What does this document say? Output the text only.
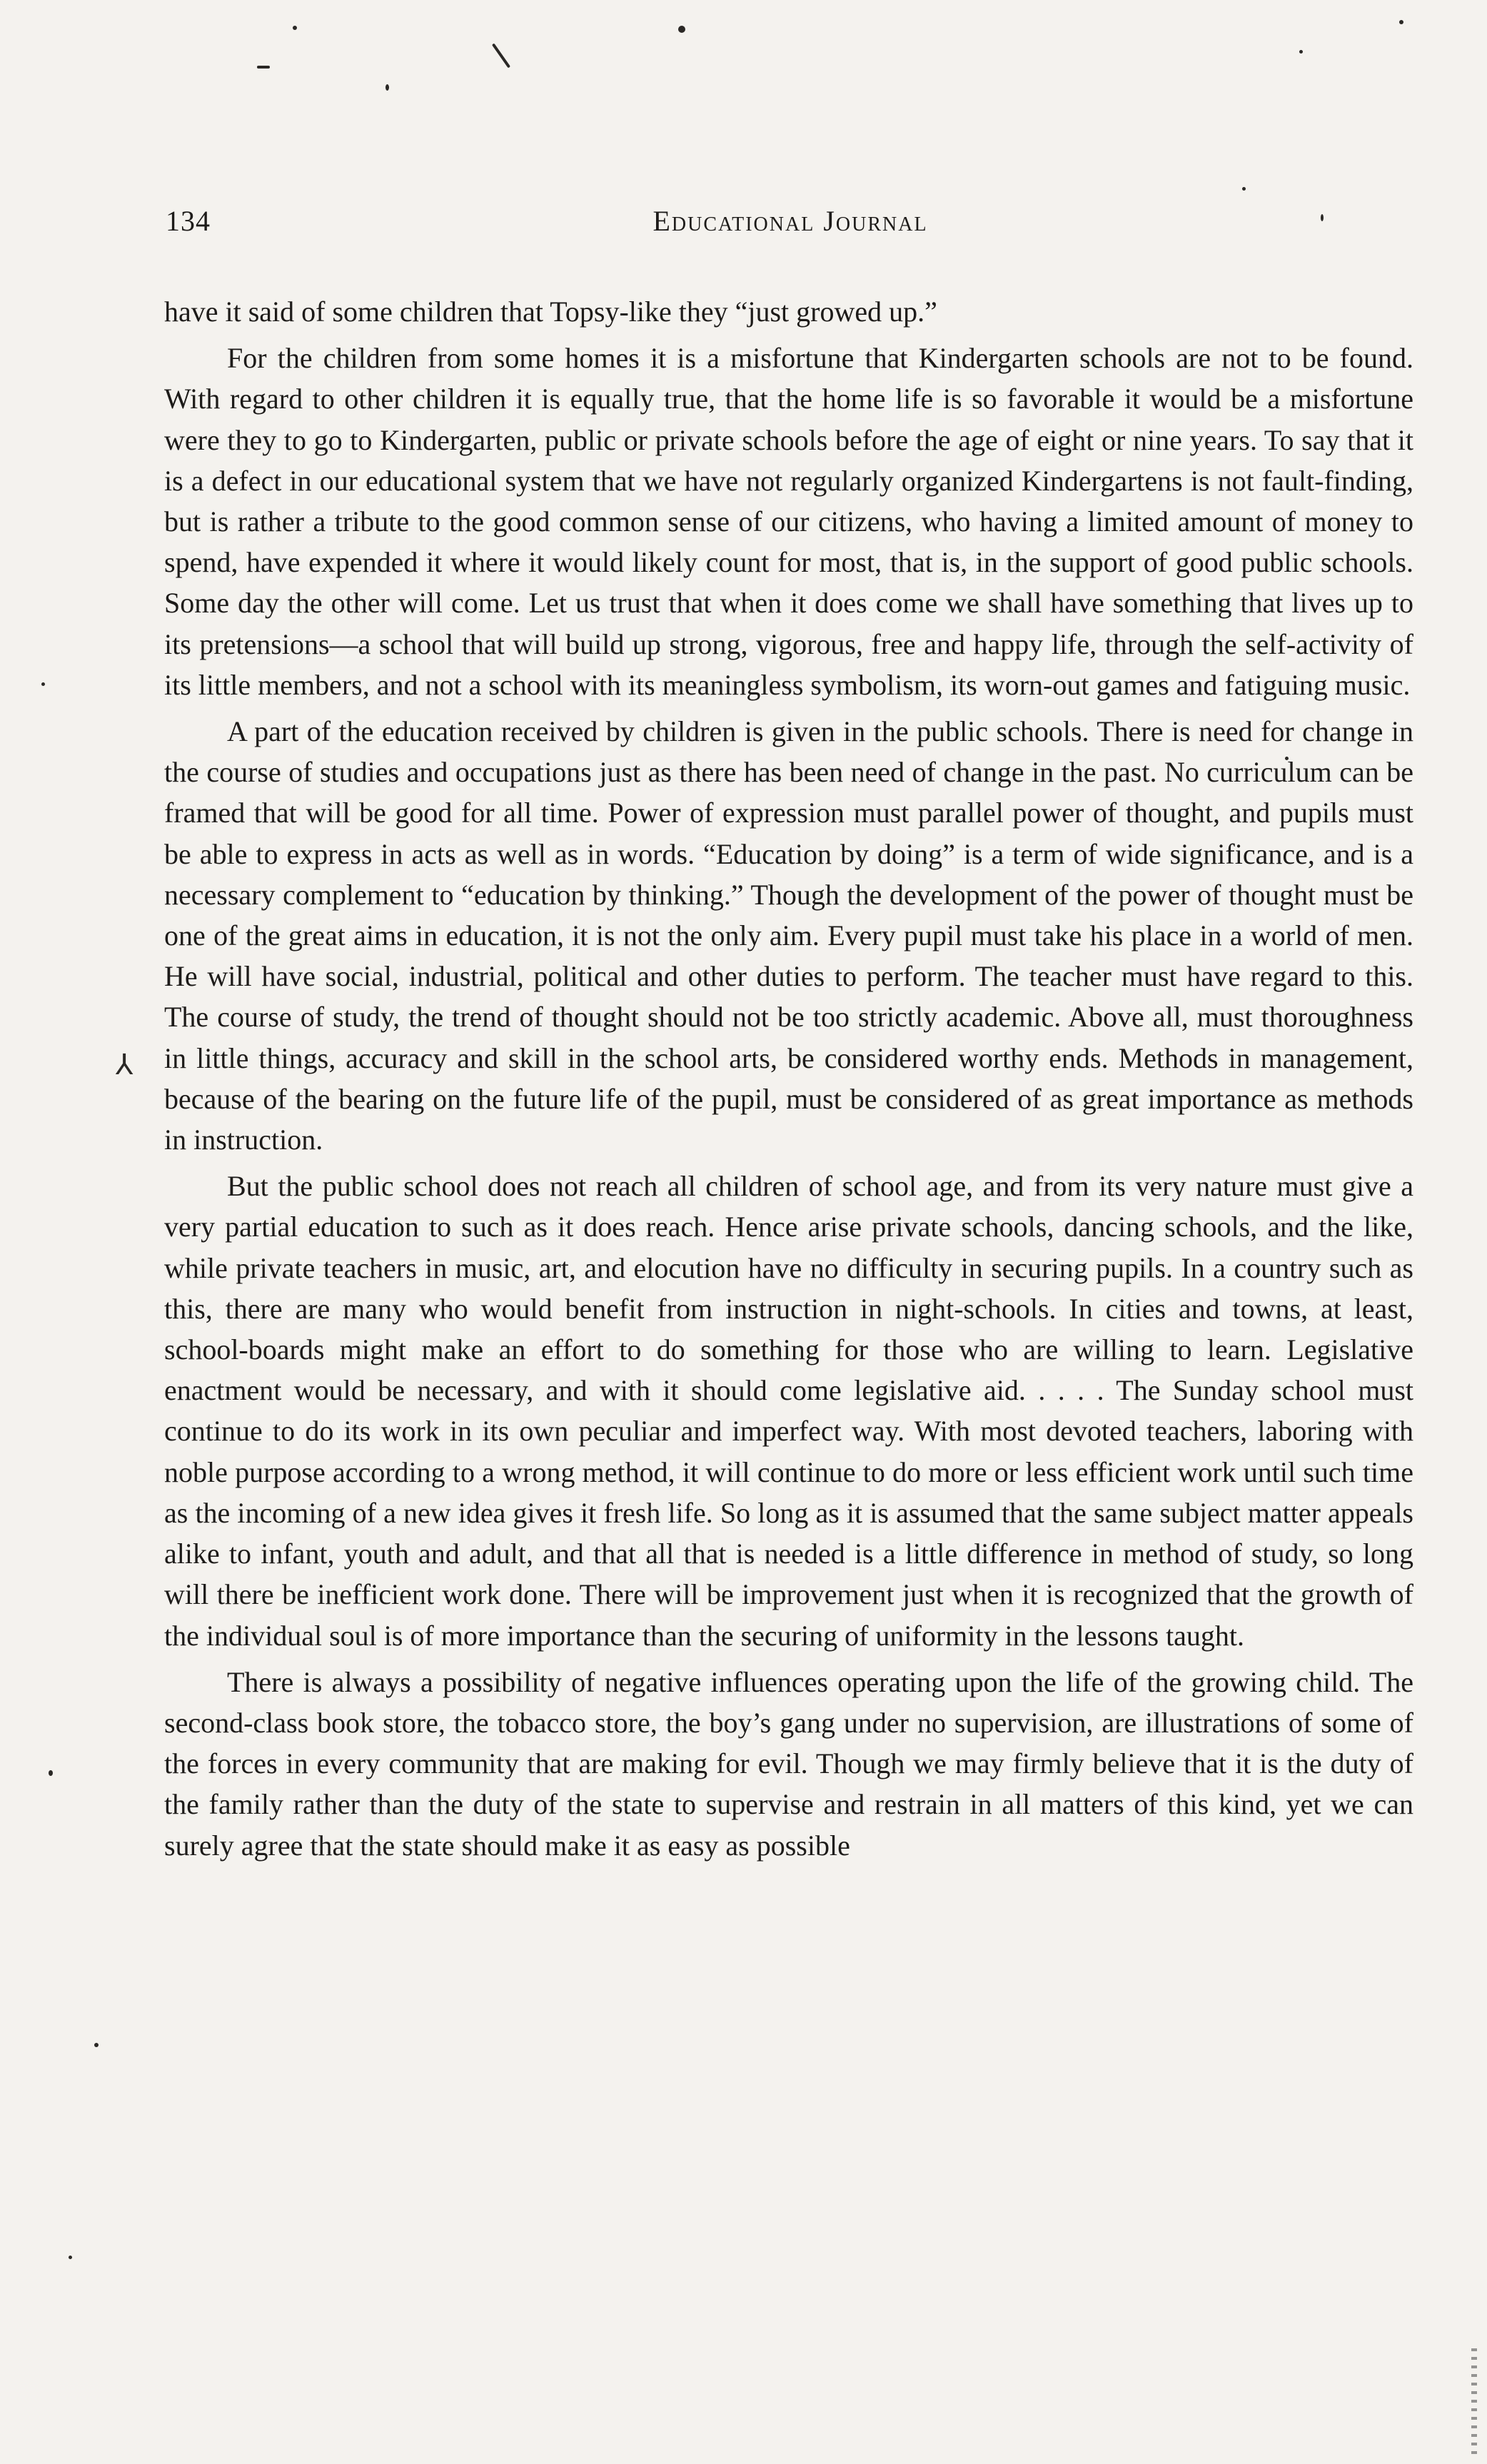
134	Educational Journal
⅄

have it said of some children that Topsy-like they “just growed up.”

For the children from some homes it is a misfortune that Kindergarten schools are not to be found. With regard to other children it is equally true, that the home life is so favorable it would be a misfortune were they to go to Kindergarten, public or private schools before the age of eight or nine years. To say that it is a defect in our educational system that we have not regularly organized Kindergartens is not fault-finding, but is rather a tribute to the good common sense of our citizens, who having a limited amount of money to spend, have expended it where it would likely count for most, that is, in the support of good public schools. Some day the other will come. Let us trust that when it does come we shall have something that lives up to its pretensions—a school that will build up strong, vigorous, free and happy life, through the self-activity of its little members, and not a school with its meaningless symbolism, its worn-out games and fatiguing music.

A part of the education received by children is given in the public schools. There is need for change in the course of studies and occupations just as there has been need of change in the past. No curriculum can be framed that will be good for all time. Power of expression must parallel power of thought, and pupils must be able to express in acts as well as in words. “Education by doing” is a term of wide significance, and is a necessary complement to “education by thinking.” Though the development of the power of thought must be one of the great aims in education, it is not the only aim. Every pupil must take his place in a world of men. He will have social, industrial, political and other duties to perform. The teacher must have regard to this. The course of study, the trend of thought should not be too strictly academic. Above all, must thoroughness in little things, accuracy and skill in the school arts, be considered worthy ends. Methods in management, because of the bearing on the future life of the pupil, must be considered of as great importance as methods in instruction.

But the public school does not reach all children of school age, and from its very nature must give a very partial education to such as it does reach. Hence arise private schools, dancing schools, and the like, while private teachers in music, art, and elocution have no difficulty in securing pupils. In a country such as this, there are many who would benefit from instruction in night-schools. In cities and towns, at least, school-boards might make an effort to do something for those who are willing to learn. Legislative enactment would be necessary, and with it should come legislative aid. . . . . The Sunday school must continue to do its work in its own peculiar and imperfect way. With most devoted teachers, laboring with noble purpose according to a wrong method, it will continue to do more or less efficient work until such time as the incoming of a new idea gives it fresh life. So long as it is assumed that the same subject matter appeals alike to infant, youth and adult, and that all that is needed is a little difference in method of study, so long will there be inefficient work done. There will be improvement just when it is recognized that the growth of the individual soul is of more importance than the securing of uniformity in the lessons taught.

There is always a possibility of negative influences operating upon the life of the growing child. The second-class book store, the tobacco store, the boy’s gang under no supervision, are illustrations of some of the forces in every community that are making for evil. Though we may firmly believe that it is the duty of the family rather than the duty of the state to supervise and restrain in all matters of this kind, yet we can surely agree that the state should make it as easy as possible
